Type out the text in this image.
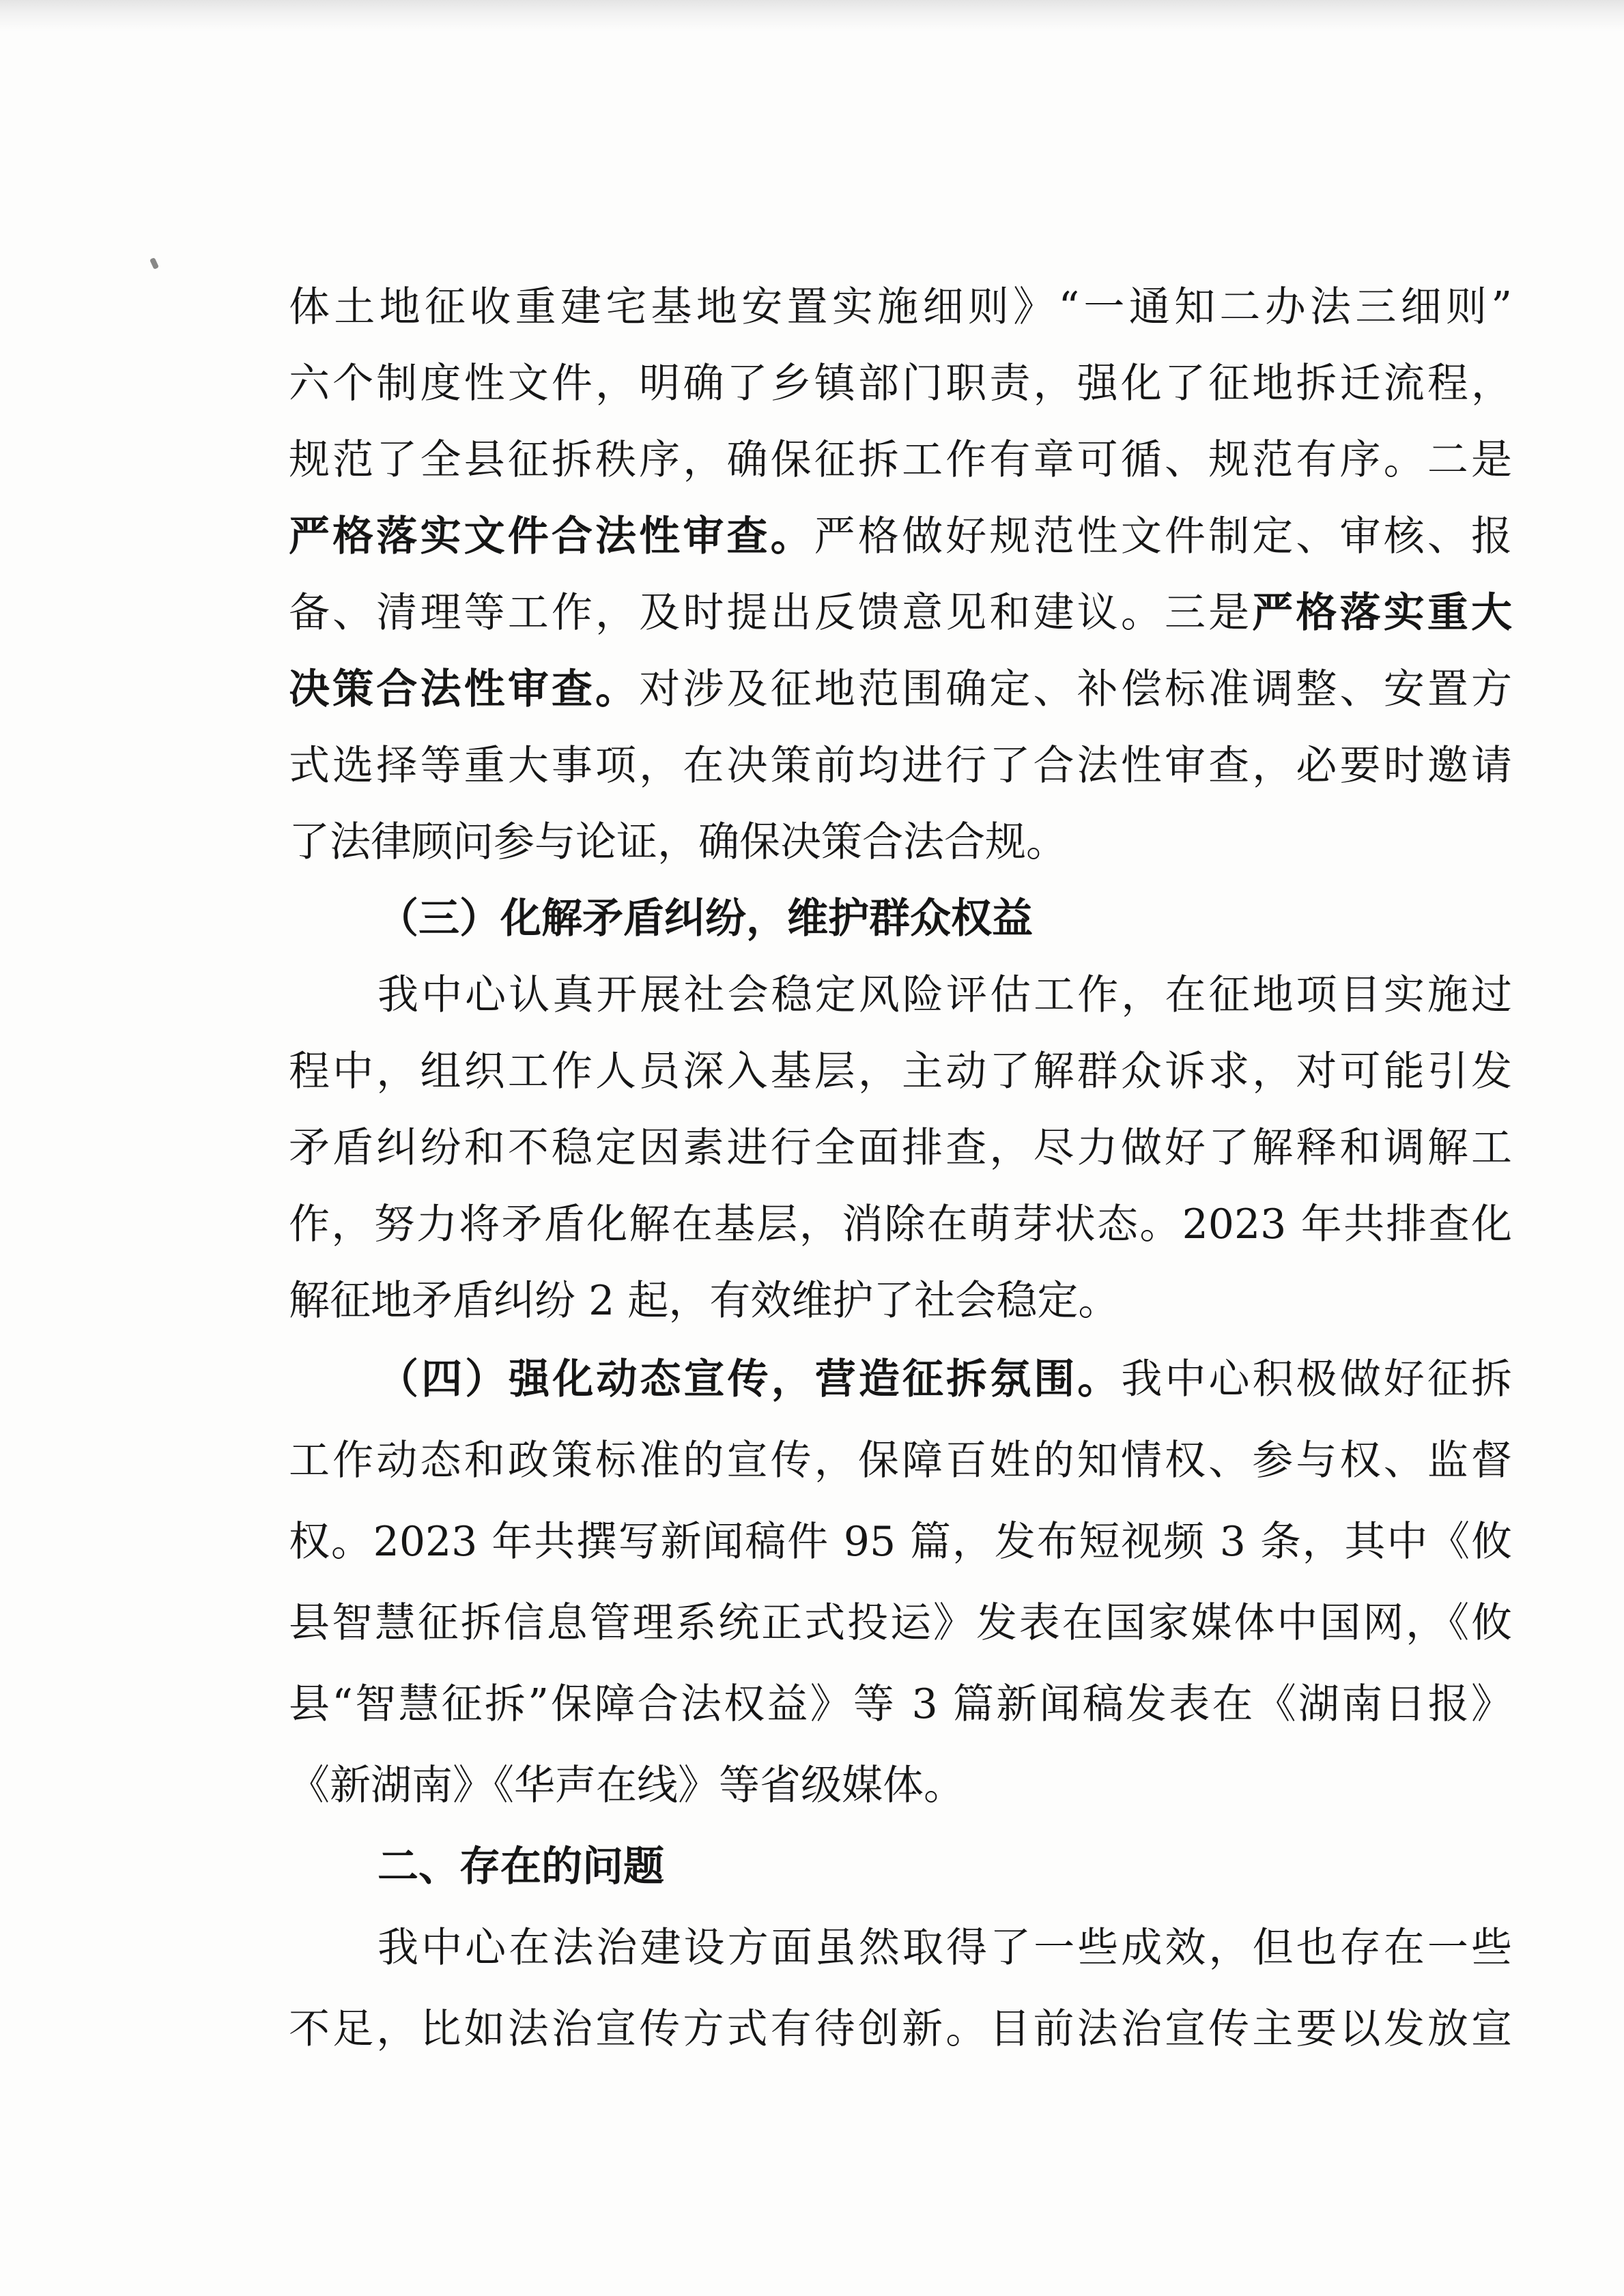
体土地征收重建宅基地安置实施细则》“一通知二办法三细则”
六个制度性文件，明确了乡镇部门职责，强化了征地拆迁流程，
规范了全县征拆秩序，确保征拆工作有章可循、规范有序。二是
严格落实文件合法性审查。严格做好规范性文件制定、审核、报
备、清理等工作，及时提出反馈意见和建议。三是严格落实重大
决策合法性审查。对涉及征地范围确定、补偿标准调整、安置方
式选择等重大事项，在决策前均进行了合法性审查，必要时邀请
了法律顾问参与论证，确保决策合法合规。
（三）化解矛盾纠纷，维护群众权益
我中心认真开展社会稳定风险评估工作，在征地项目实施过
程中，组织工作人员深入基层，主动了解群众诉求，对可能引发
矛盾纠纷和不稳定因素进行全面排查，尽力做好了解释和调解工
作，努力将矛盾化解在基层，消除在萌芽状态。2023 年共排查化
解征地矛盾纠纷 2 起，有效维护了社会稳定。
（四）强化动态宣传，营造征拆氛围。我中心积极做好征拆
工作动态和政策标准的宣传，保障百姓的知情权、参与权、监督
权。2023 年共撰写新闻稿件 95 篇，发布短视频 3 条，其中《攸
县智慧征拆信息管理系统正式投运》发表在国家媒体中国网，《攸
县“智慧征拆”保障合法权益》等 3 篇新闻稿发表在《湖南日报》
《新湖南》《华声在线》等省级媒体。
二、存在的问题
我中心在法治建设方面虽然取得了一些成效，但也存在一些
不足，比如法治宣传方式有待创新。目前法治宣传主要以发放宣
